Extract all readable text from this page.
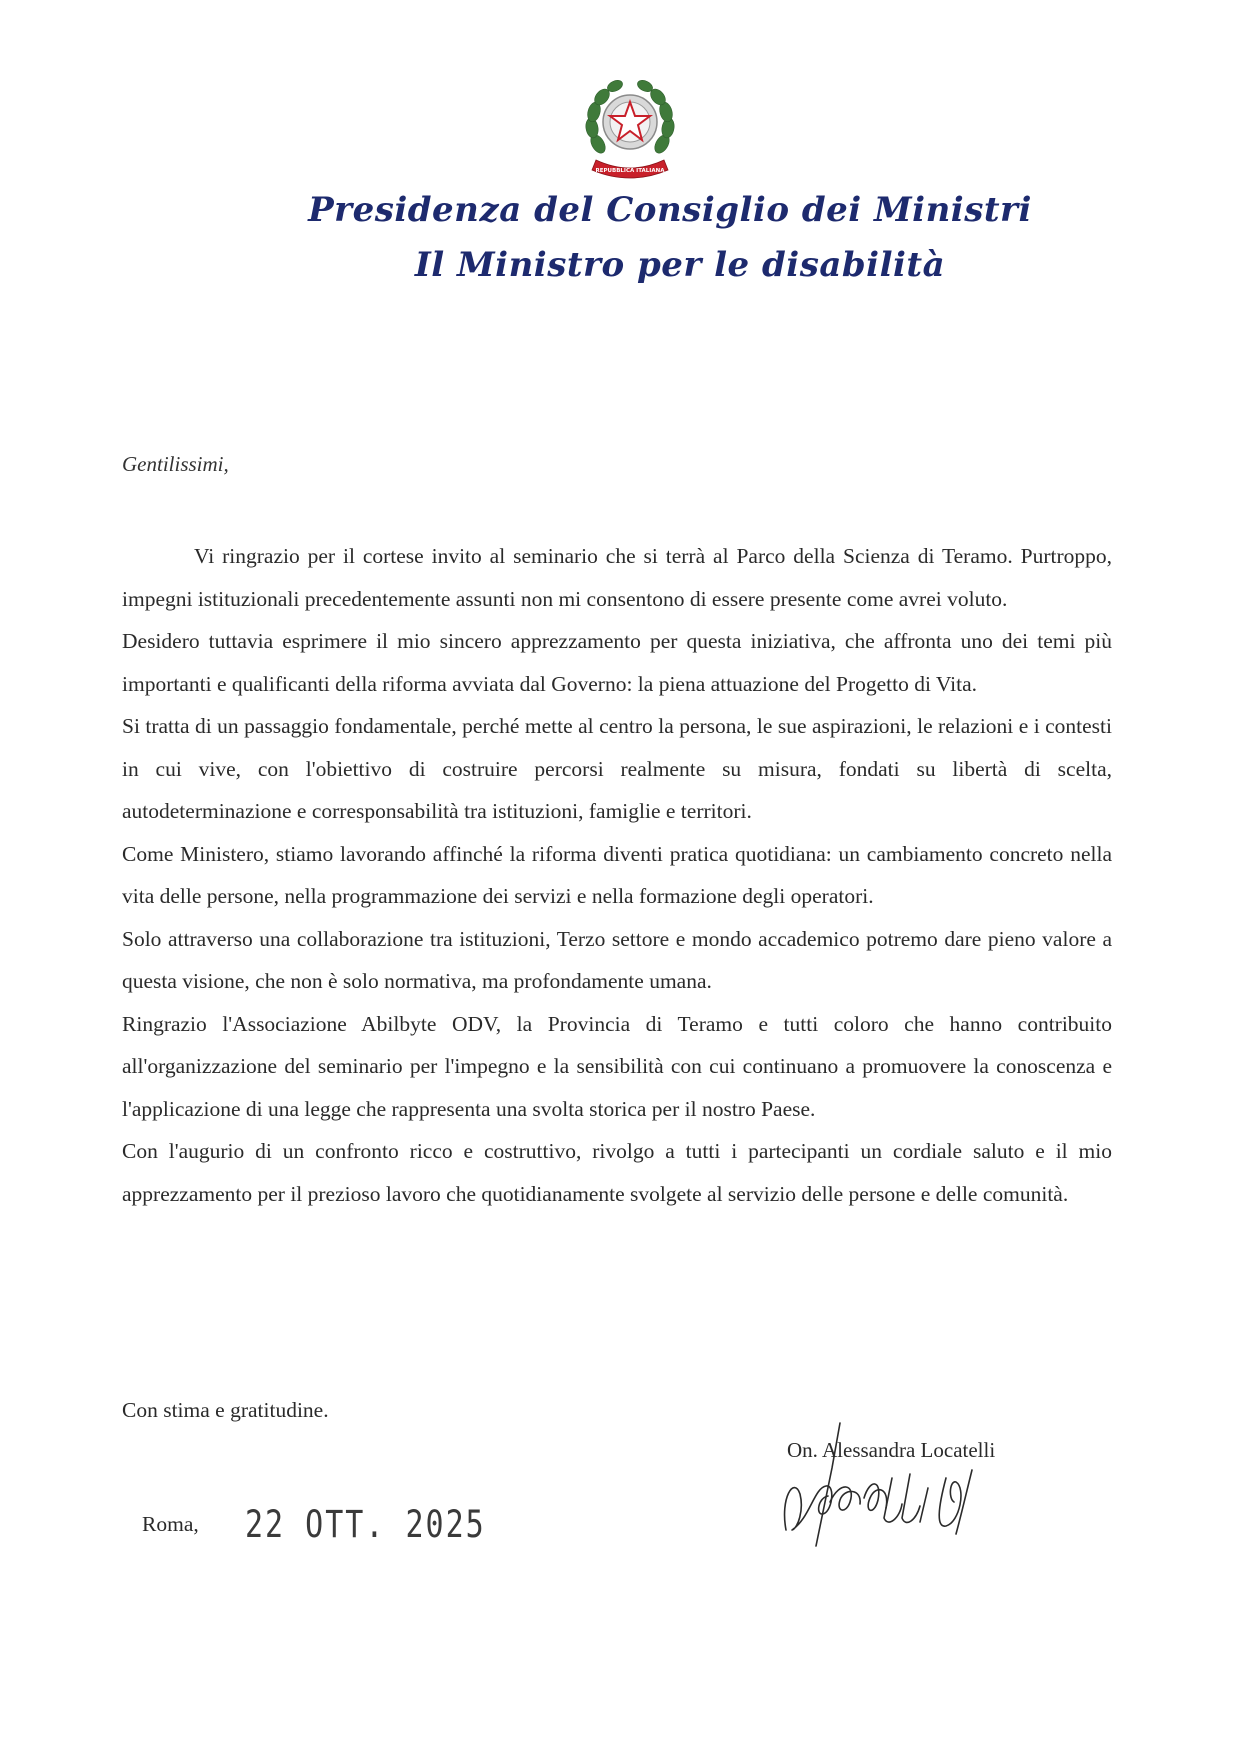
REPUBBLICA ITALIANA
Presidenza del Consiglio dei Ministri
Il Ministro per le disabilità
Gentilissimi,

Vi ringrazio per il cortese invito al seminario che si terrà al Parco della Scienza di Teramo. Purtroppo, impegni istituzionali precedentemente assunti non mi consentono di essere presente come avrei voluto.

Desidero tuttavia esprimere il mio sincero apprezzamento per questa iniziativa, che affronta uno dei temi più importanti e qualificanti della riforma avviata dal Governo: la piena attuazione del Progetto di Vita.

Si tratta di un passaggio fondamentale, perché mette al centro la persona, le sue aspirazioni, le relazioni e i contesti in cui vive, con l'obiettivo di costruire percorsi realmente su misura, fondati su libertà di scelta, autodeterminazione e corresponsabilità tra istituzioni, famiglie e territori.

Come Ministero, stiamo lavorando affinché la riforma diventi pratica quotidiana: un cambiamento concreto nella vita delle persone, nella programmazione dei servizi e nella formazione degli operatori.

Solo attraverso una collaborazione tra istituzioni, Terzo settore e mondo accademico potremo dare pieno valore a questa visione, che non è solo normativa, ma profondamente umana.

Ringrazio l'Associazione Abilbyte ODV, la Provincia di Teramo e tutti coloro che hanno contribuito all'organizzazione del seminario per l'impegno e la sensibilità con cui continuano a promuovere la conoscenza e l'applicazione di una legge che rappresenta una svolta storica per il nostro Paese.

Con l'augurio di un confronto ricco e costruttivo, rivolgo a tutti i partecipanti un cordiale saluto e il mio apprezzamento per il prezioso lavoro che quotidianamente svolgete al servizio delle persone e delle comunità.

Con stima e gratitudine.
On. Alessandra Locatelli
Roma, 22 OTT. 2025
